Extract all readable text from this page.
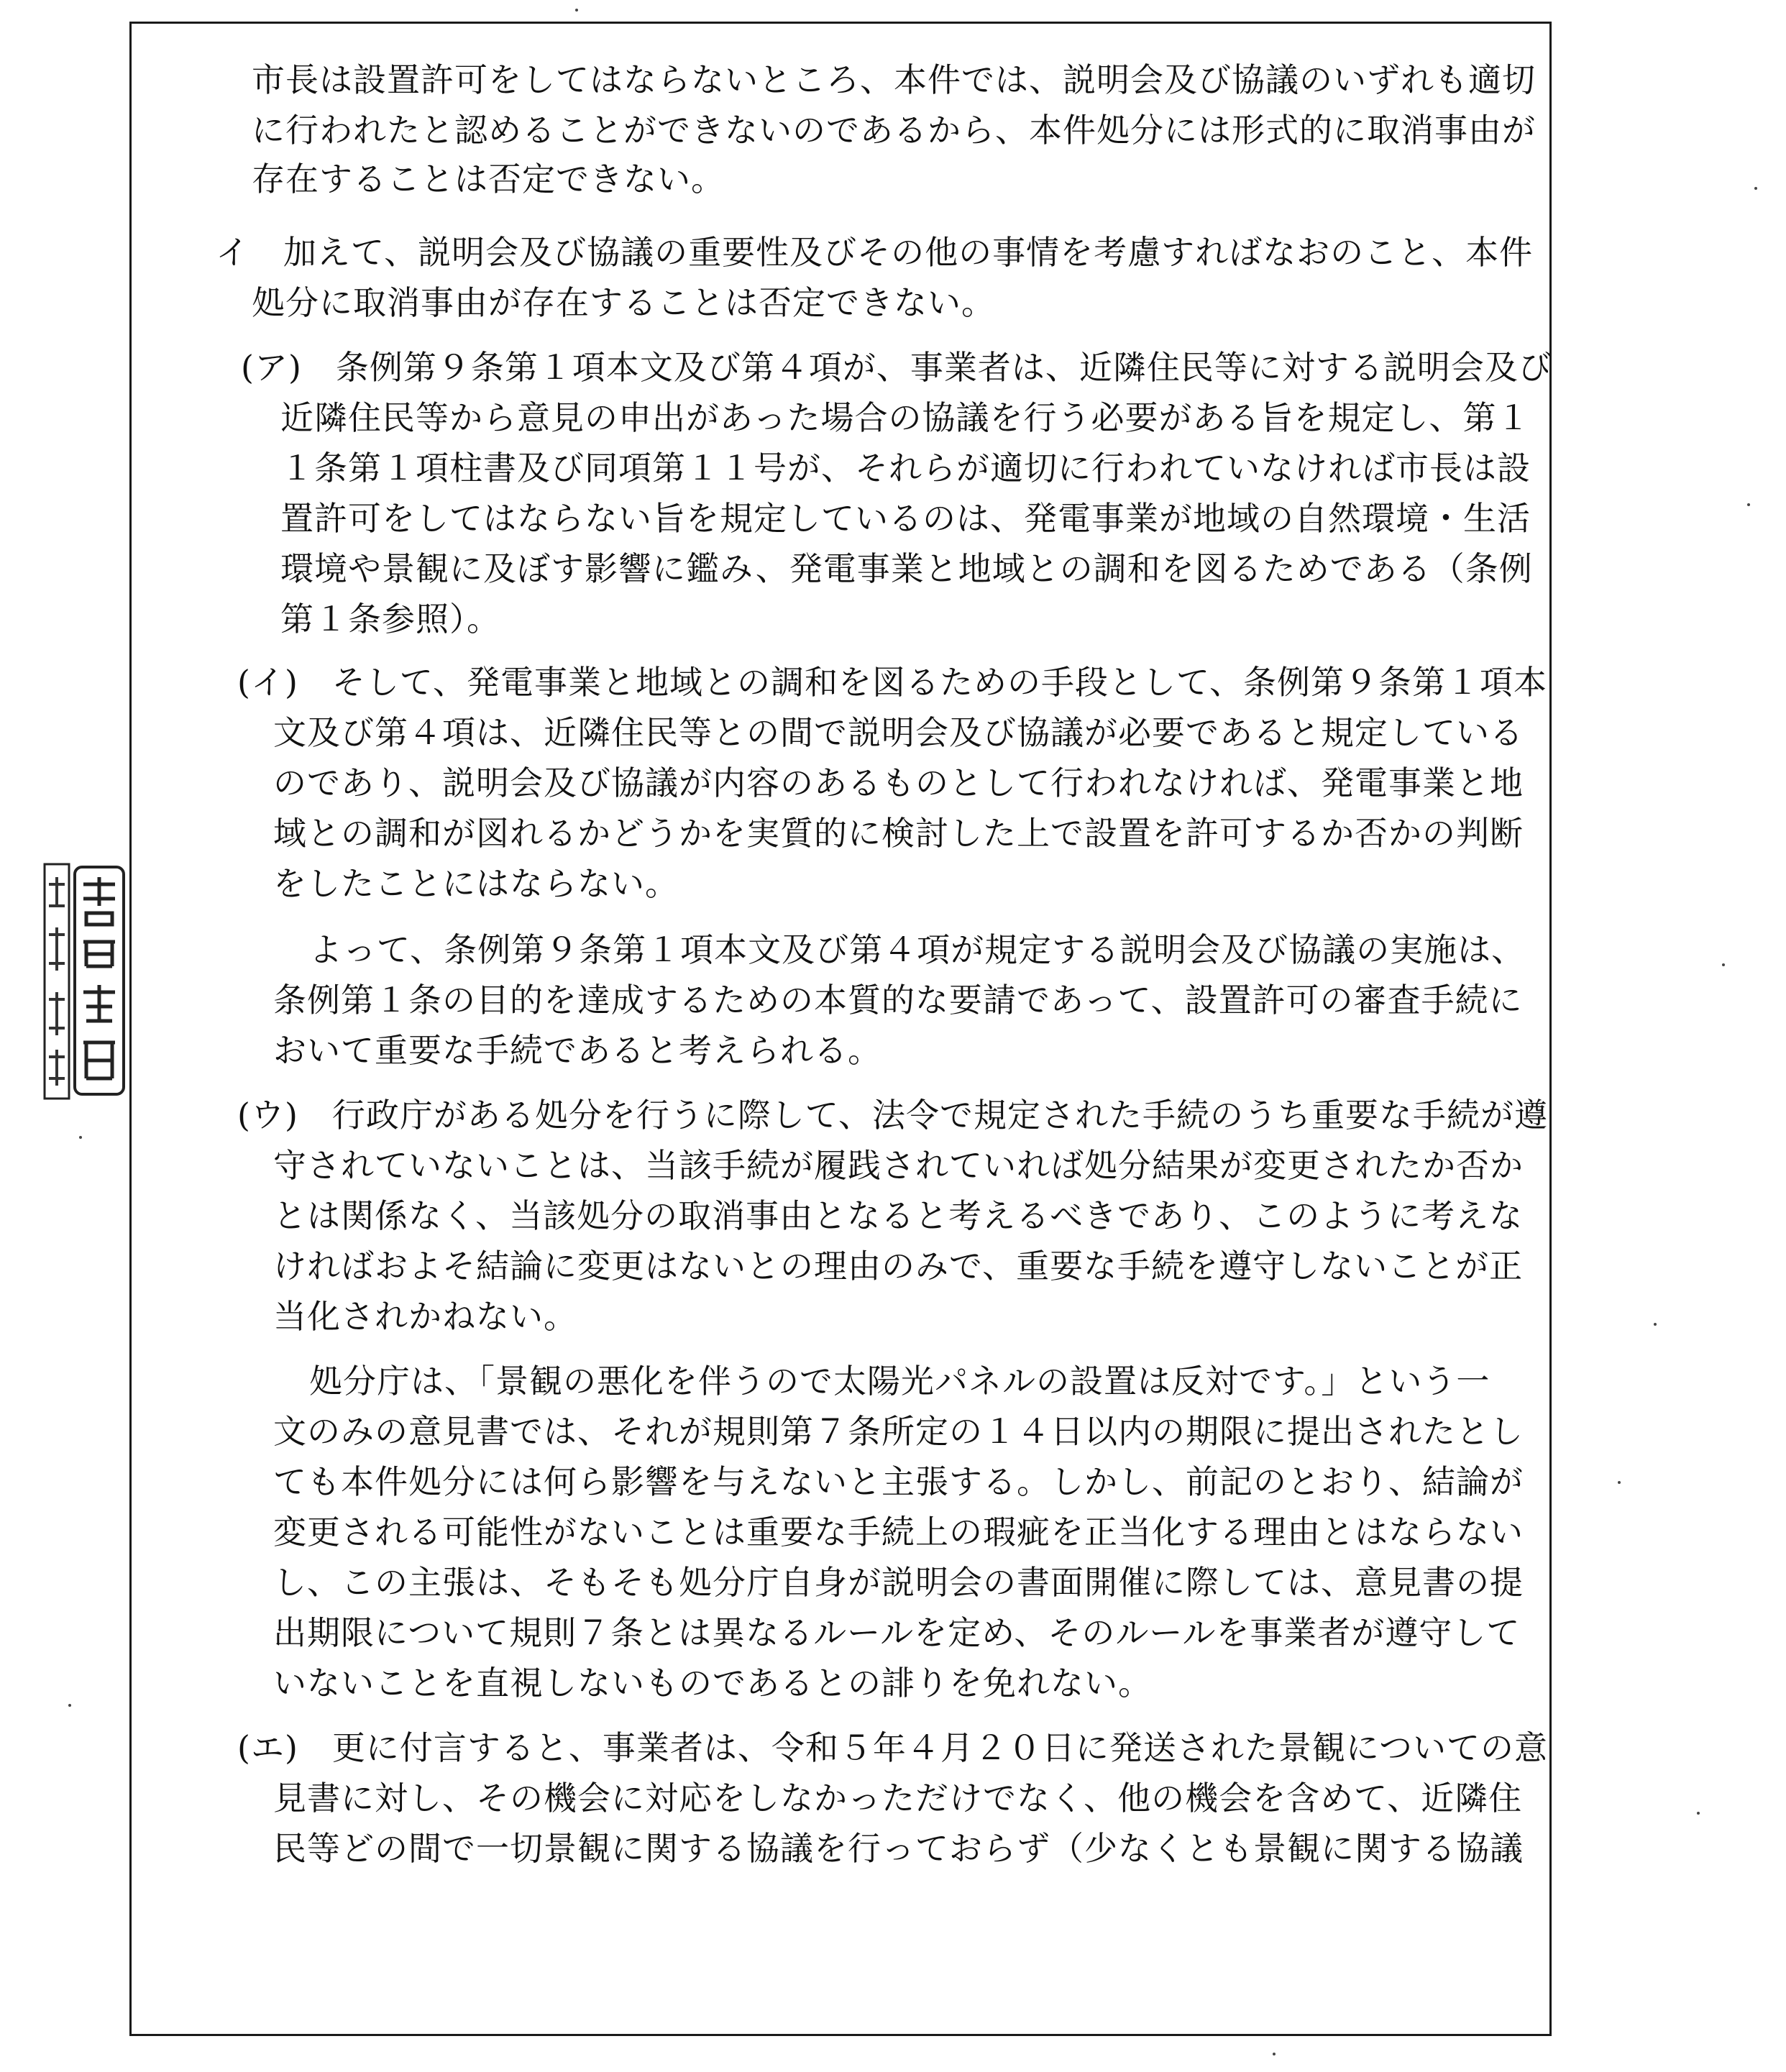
市長は設置許可をしてはならないところ、本件では、説明会及び協議のいずれも適切
に行われたと認めることができないのであるから、本件処分には形式的に取消事由が
存在することは否定できない。
イ　加えて、説明会及び協議の重要性及びその他の事情を考慮すればなおのこと、本件
処分に取消事由が存在することは否定できない。
(ア)　条例第９条第１項本文及び第４項が、事業者は、近隣住民等に対する説明会及び
近隣住民等から意見の申出があった場合の協議を行う必要がある旨を規定し、第１
１条第１項柱書及び同項第１１号が、それらが適切に行われていなければ市長は設
置許可をしてはならない旨を規定しているのは、発電事業が地域の自然環境・生活
環境や景観に及ぼす影響に鑑み、発電事業と地域との調和を図るためである（条例
第１条参照）。
(イ)　そして、発電事業と地域との調和を図るための手段として、条例第９条第１項本
文及び第４項は、近隣住民等との間で説明会及び協議が必要であると規定している
のであり、説明会及び協議が内容のあるものとして行われなければ、発電事業と地
域との調和が図れるかどうかを実質的に検討した上で設置を許可するか否かの判断
をしたことにはならない。
よって、条例第９条第１項本文及び第４項が規定する説明会及び協議の実施は、
条例第１条の目的を達成するための本質的な要請であって、設置許可の審査手続に
おいて重要な手続であると考えられる。
(ウ)　行政庁がある処分を行うに際して、法令で規定された手続のうち重要な手続が遵
守されていないことは、当該手続が履践されていれば処分結果が変更されたか否か
とは関係なく、当該処分の取消事由となると考えるべきであり、このように考えな
ければおよそ結論に変更はないとの理由のみで、重要な手続を遵守しないことが正
当化されかねない。
処分庁は、「景観の悪化を伴うので太陽光パネルの設置は反対です。」という一
文のみの意見書では、それが規則第７条所定の１４日以内の期限に提出されたとし
ても本件処分には何ら影響を与えないと主張する。しかし、前記のとおり、結論が
変更される可能性がないことは重要な手続上の瑕疵を正当化する理由とはならない
し、この主張は、そもそも処分庁自身が説明会の書面開催に際しては、意見書の提
出期限について規則７条とは異なるルールを定め、そのルールを事業者が遵守して
いないことを直視しないものであるとの誹りを免れない。
(エ)　更に付言すると、事業者は、令和５年４月２０日に発送された景観についての意
見書に対し、その機会に対応をしなかっただけでなく、他の機会を含めて、近隣住
民等どの間で一切景観に関する協議を行っておらず（少なくとも景観に関する協議
